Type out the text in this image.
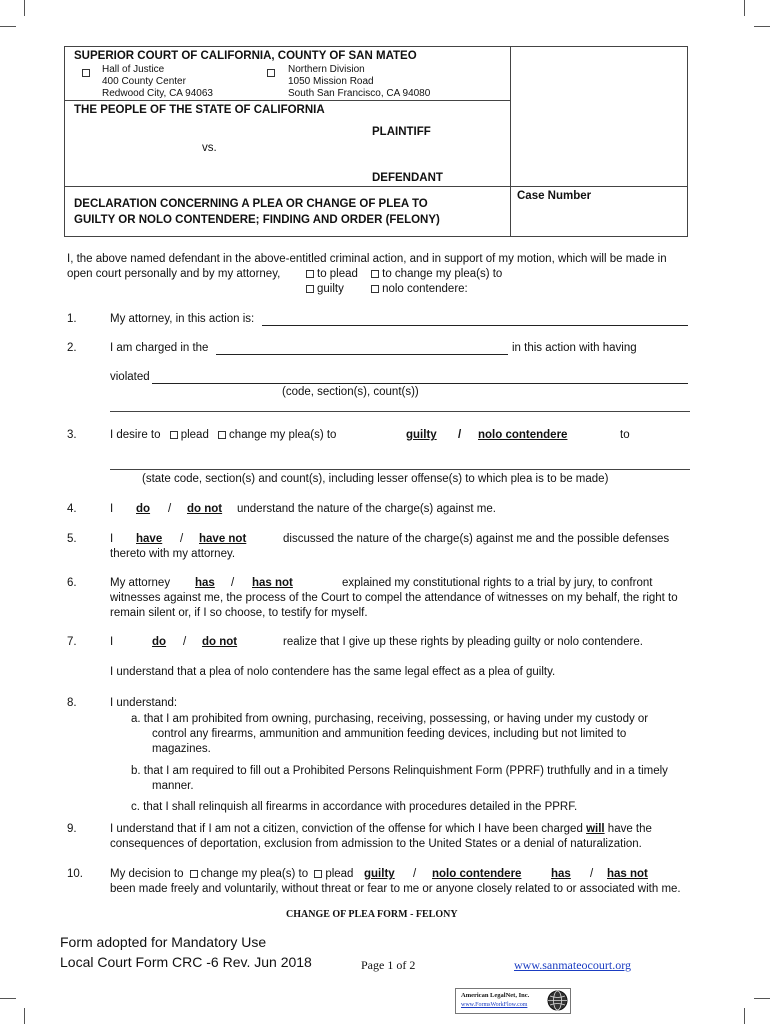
SUPERIOR COURT OF CALIFORNIA, COUNTY OF SAN MATEO
Hall of Justice
400 County Center
Redwood City, CA 94063
Northern Division
1050 Mission Road
South San Francisco, CA 94080
THE PEOPLE OF THE STATE OF CALIFORNIA
PLAINTIFF
vs.
DEFENDANT
DECLARATION CONCERNING A PLEA OR CHANGE OF PLEA TO
GUILTY OR NOLO CONTENDERE; FINDING AND ORDER (FELONY)
Case Number
I, the above named defendant in the above-entitled criminal action, and in support of my motion, which will be made in
open court personally and by my attorney,	to plead to change my plea(s) to
guilty	nolo contendere:
1.	My attorney, in this action is:
2.	I am charged in the	in this action with having
violated
(code, section(s), count(s))
3.	I desire to plead change my plea(s) to	guilty / nolo contendere	to
(state code, section(s) and count(s), including lesser offense(s) to which plea is to be made)
4.	I do / do not understand the nature of the charge(s) against me.
5.	I have / have not	discussed the nature of the charge(s) against me and the possible defenses
thereto with my attorney.
6.	My attorney has / has not	explained my constitutional rights to a trial by jury, to confront
witnesses against me, the process of the Court to compel the attendance of witnesses on my behalf, the right to
remain silent or, if I so choose, to testify for myself.
7.	I	do / do not	realize that I give up these rights by pleading guilty or nolo contendere.
I understand that a plea of nolo contendere has the same legal effect as a plea of guilty.
8.	I understand:
a. that I am prohibited from owning, purchasing, receiving, possessing, or having under my custody or
control any firearms, ammunition and ammunition feeding devices, including but not limited to
magazines.
b. that I am required to fill out a Prohibited Persons Relinquishment Form (PPRF) truthfully and in a timely
manner.
c. that I shall relinquish all firearms in accordance with procedures detailed in the PPRF.
9.	I understand that if I am not a citizen, conviction of the offense for which I have been charged will have the
consequences of deportation, exclusion from admission to the United States or a denial of naturalization.
10. My decision to change my plea(s) to plead guilty / nolo contendere	has / has not
been made freely and voluntarily, without threat or fear to me or anyone closely related to or associated with me.
CHANGE OF PLEA FORM - FELONY
Form adopted for Mandatory Use
Local Court Form CRC -6 Rev. Jun 2018	Page 1 of 2	www.sanmateocourt.org
American LegalNet, Inc.
www.FormsWorkFlow.com
